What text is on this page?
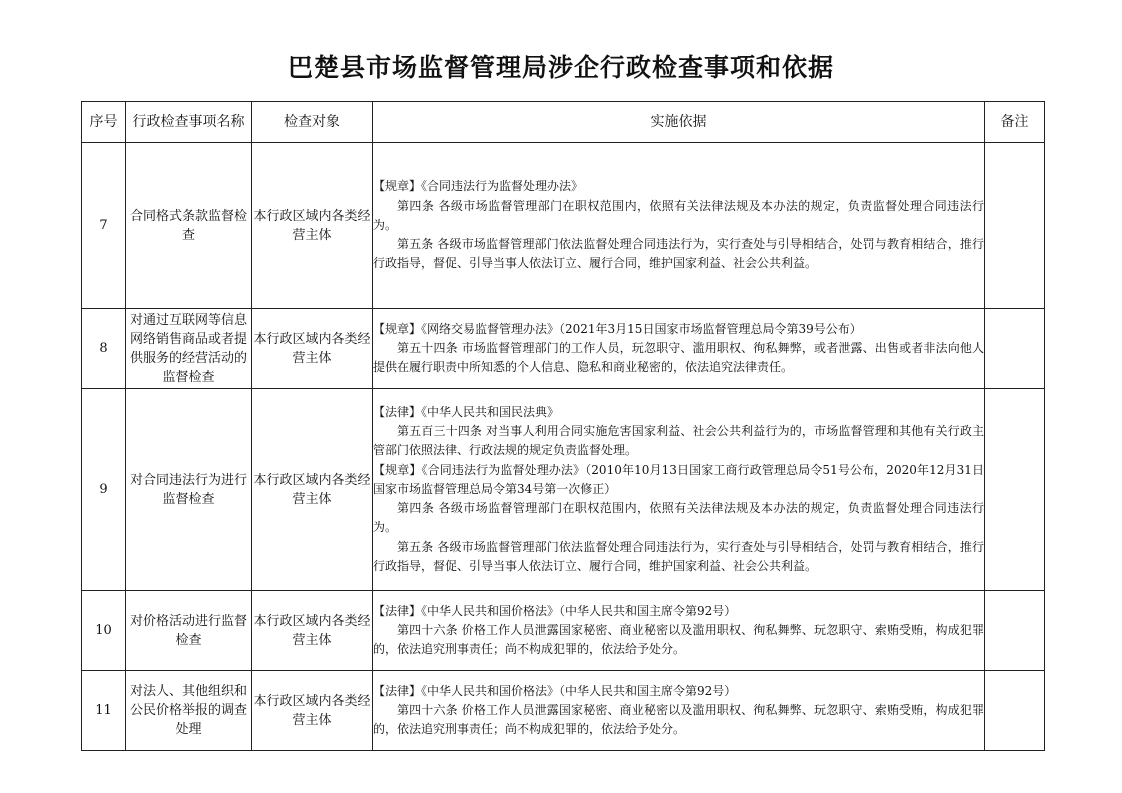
巴楚县市场监督管理局涉企行政检查事项和依据
序号	行政检查事项名称	检查对象	实施依据	备注
7	合同格式条款监督检查	本行政区域内各类经营主体	【规章】《合同违法行为监督处理办法》

第四条 各级市场监督管理部门在职权范围内，依照有关法律法规及本办法的规定，负责监督处理合同违法行为。

第五条 各级市场监督管理部门依法监督处理合同违法行为，实行查处与引导相结合，处罚与教育相结合，推行行政指导，督促、引导当事人依法订立、履行合同，维护国家利益、社会公共利益。	

8	对通过互联网等信息网络销售商品或者提供服务的经营活动的监督检查	本行政区域内各类经营主体	【规章】《网络交易监督管理办法》（2021年3月15日国家市场监督管理总局令第39号公布）

第五十四条 市场监督管理部门的工作人员，玩忽职守、滥用职权、徇私舞弊，或者泄露、出售或者非法向他人提供在履行职责中所知悉的个人信息、隐私和商业秘密的，依法追究法律责任。	

9	对合同违法行为进行监督检查	本行政区域内各类经营主体	【法律】《中华人民共和国民法典》

第五百三十四条 对当事人利用合同实施危害国家利益、社会公共利益行为的，市场监督管理和其他有关行政主管部门依照法律、行政法规的规定负责监督处理。

【规章】《合同违法行为监督处理办法》（2010年10月13日国家工商行政管理总局令51号公布，2020年12月31日国家市场监督管理总局令第34号第一次修正）

第四条 各级市场监督管理部门在职权范围内，依照有关法律法规及本办法的规定，负责监督处理合同违法行为。

第五条 各级市场监督管理部门依法监督处理合同违法行为，实行查处与引导相结合，处罚与教育相结合，推行行政指导，督促、引导当事人依法订立、履行合同，维护国家利益、社会公共利益。	

10	对价格活动进行监督检查	本行政区域内各类经营主体	【法律】《中华人民共和国价格法》（中华人民共和国主席令第92号）

第四十六条 价格工作人员泄露国家秘密、商业秘密以及滥用职权、徇私舞弊、玩忽职守、索贿受贿，构成犯罪的，依法追究刑事责任；尚不构成犯罪的，依法给予处分。	

11	对法人、其他组织和公民价格举报的调查处理	本行政区域内各类经营主体	【法律】《中华人民共和国价格法》（中华人民共和国主席令第92号）

第四十六条 价格工作人员泄露国家秘密、商业秘密以及滥用职权、徇私舞弊、玩忽职守、索贿受贿，构成犯罪的，依法追究刑事责任；尚不构成犯罪的，依法给予处分。	
